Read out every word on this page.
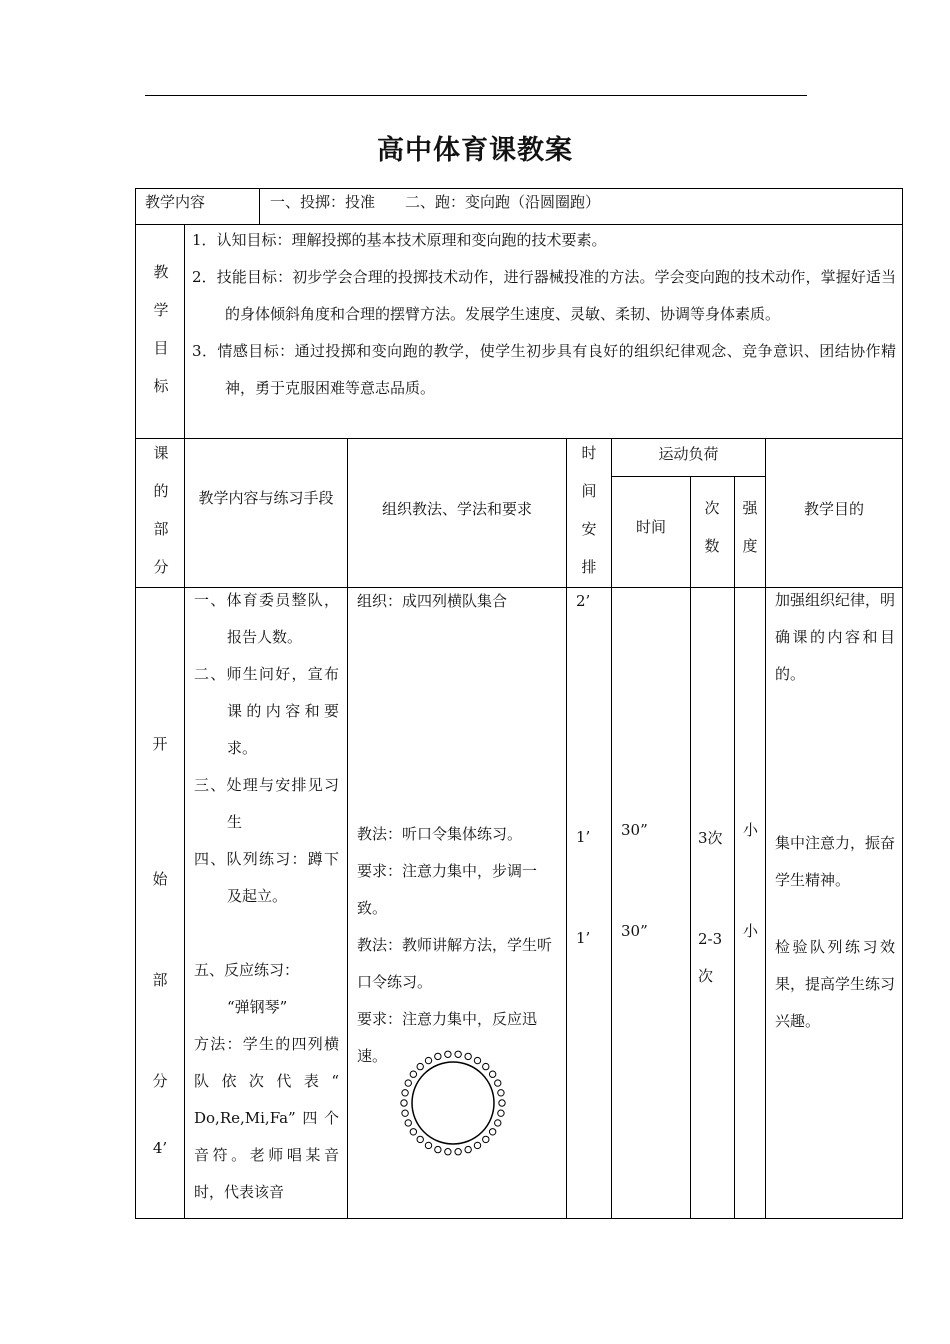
高中体育课教案
教学内容	一、投掷：投准　　二、跑：变向跑（沿圆圈跑）
教
学
目
标
1．认知目标：理解投掷的基本技术原理和变向跑的技术要素。
2．技能目标：初步学会合理的投掷技术动作，进行器械投准的方法。学会变向跑的技术动作，掌握好适当的身体倾斜角度和合理的摆臂方法。发展学生速度、灵敏、柔韧、协调等身体素质。
3．情感目标：通过投掷和变向跑的教学，使学生初步具有良好的组织纪律观念、竞争意识、团结协作精神，勇于克服困难等意志品质。
课
的
部
分
教学内容与练习手段
组织教法、学法和要求
时
间
安
排
运动负荷
时间
次
数
强
度
教学目的
开
始
部
分
4’
一、体育委员整队，报告人数。
二、师生问好，宣布课的内容和要求。
三、处理与安排见习生
四、队列练习：蹲下及起立。
五、反应练习：
“弹钢琴”
方法：学生的四列横队依次代表“ Do,Re,Mi,Fa”四个音符。老师唱某音时，代表该音
组织：成四列横队集合
教法：听口令集体练习。
要求：注意力集中，步调一致。
教法：教师讲解方法，学生听口令练习。
要求：注意力集中，反应迅速。
2’
1’
1’
30”
30”
3次
2-3次
小
小
加强组织纪律，明确课的内容和目的。
集中注意力，振奋学生精神。
检验队列练习效果，提高学生练习兴趣。
